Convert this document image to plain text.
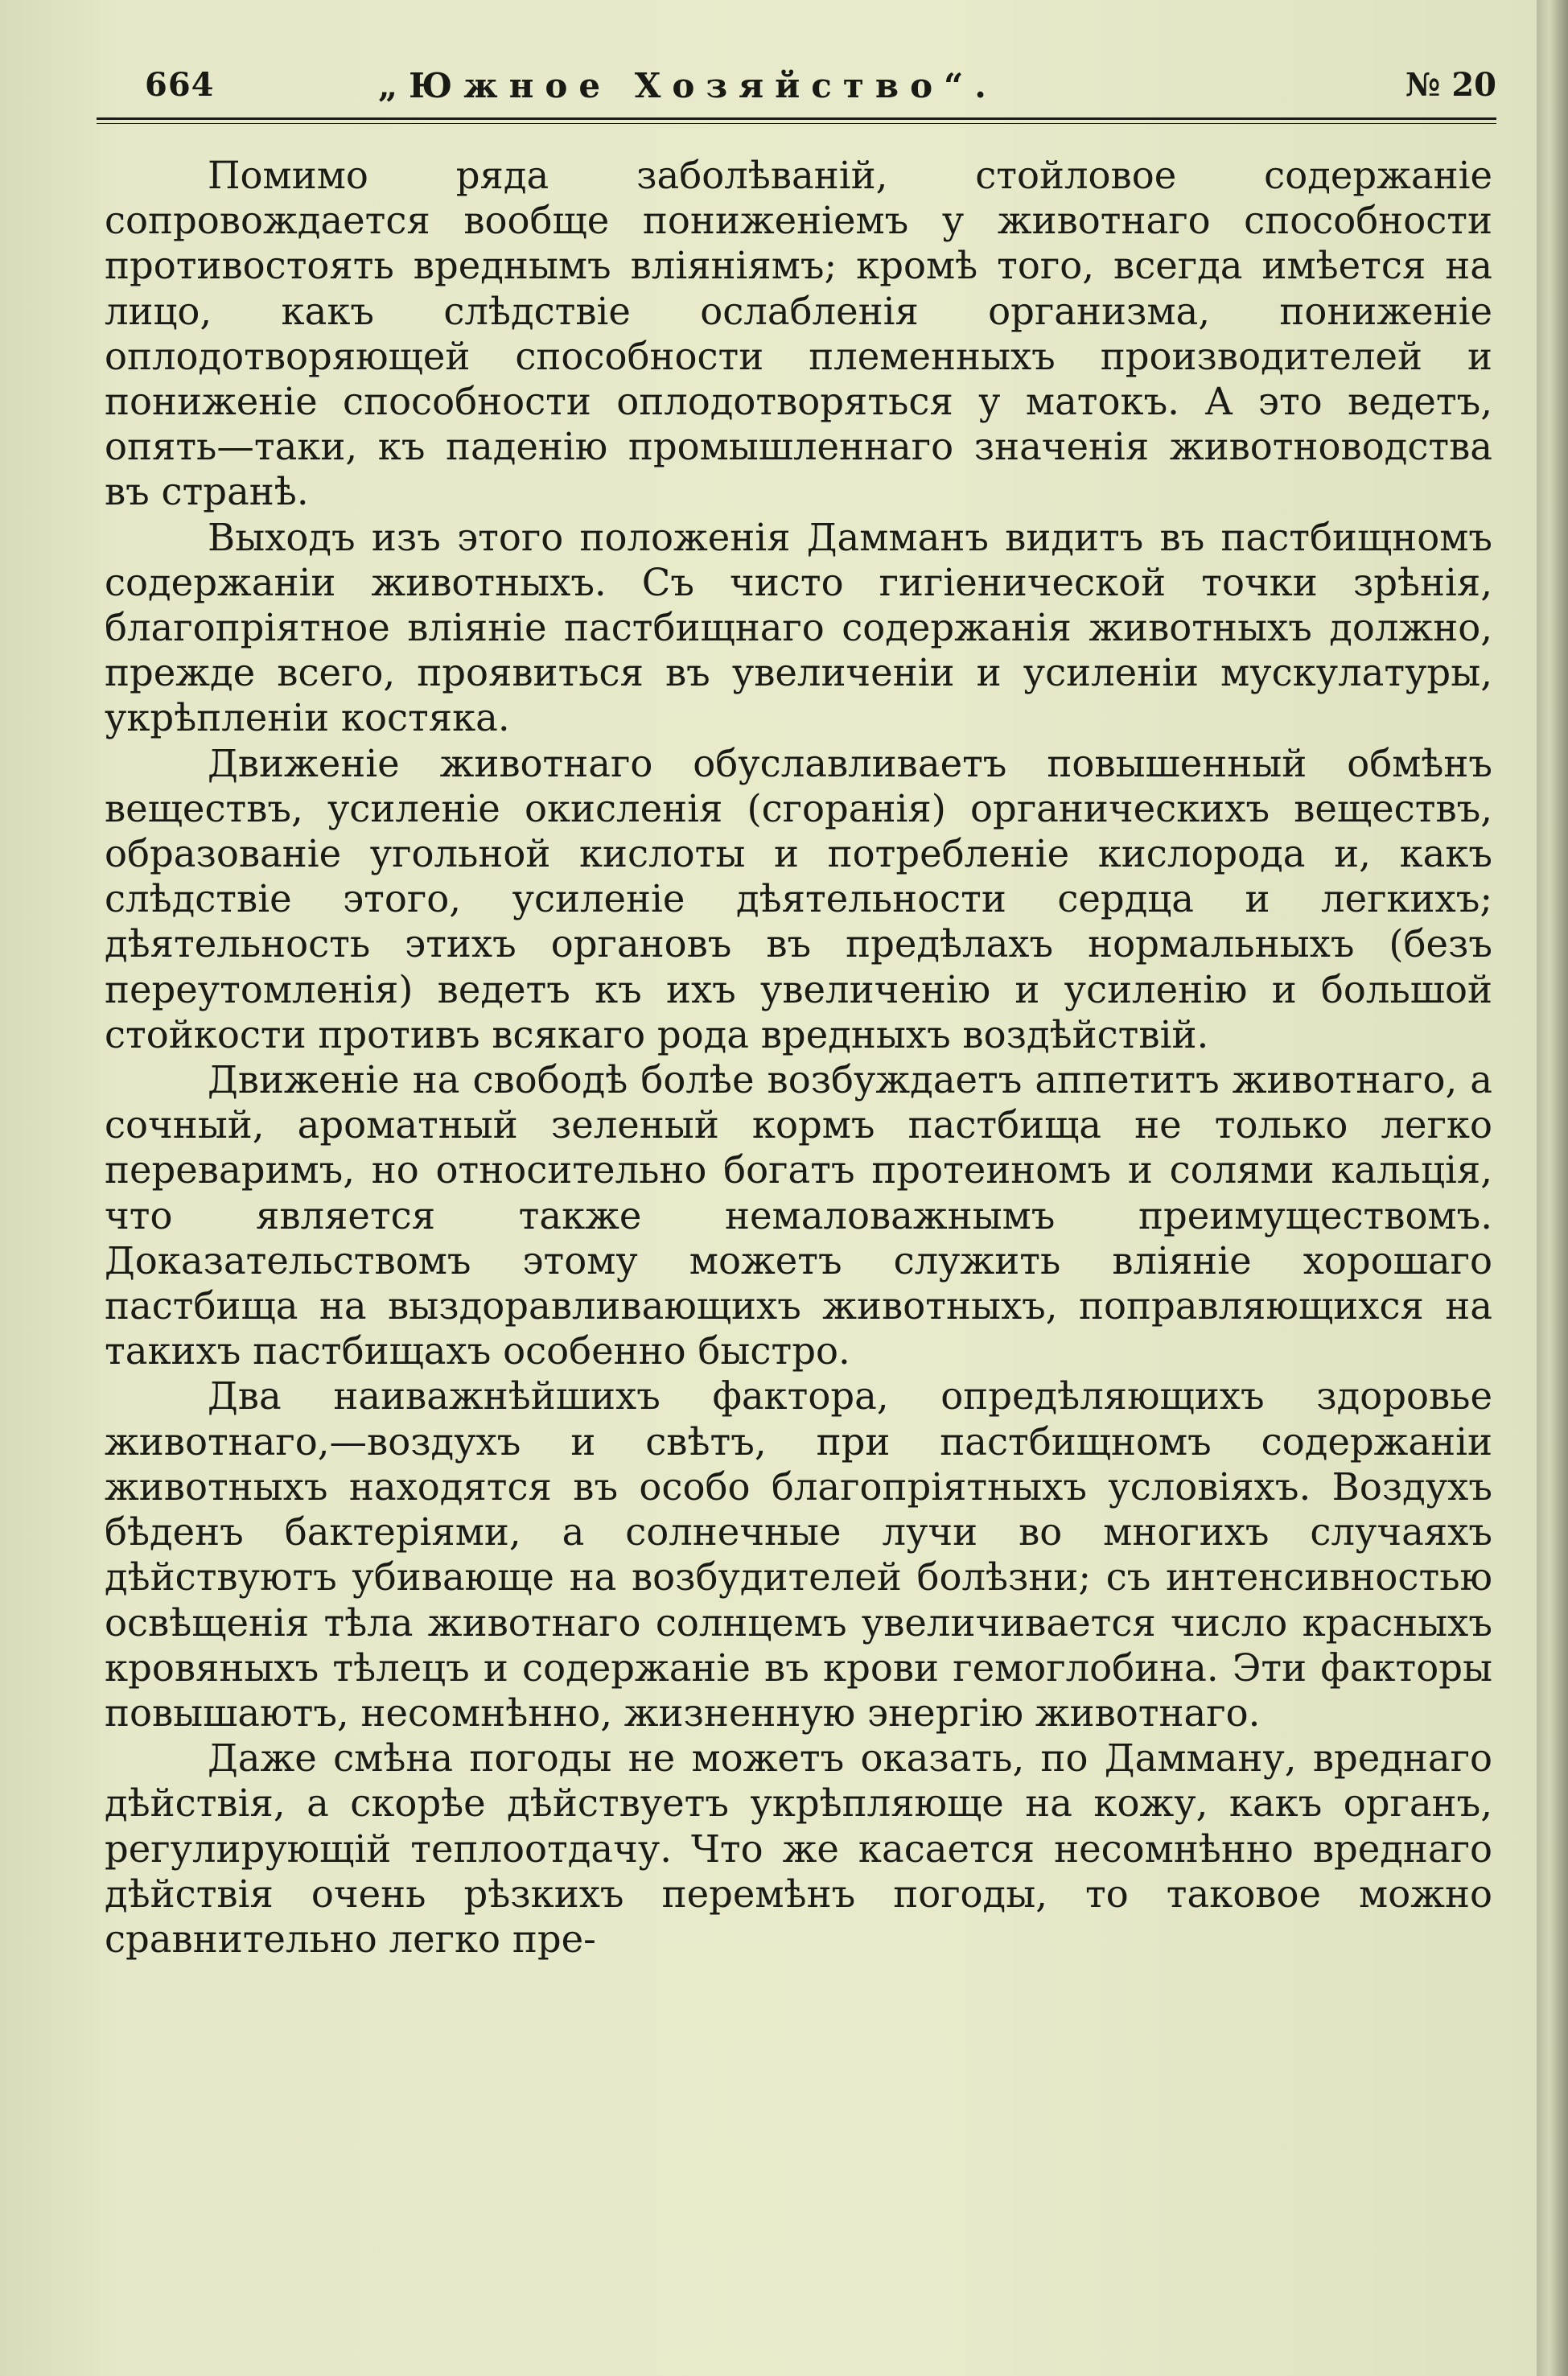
664	„Южное Хозяйство“.	№ 20

Помимо ряда заболѣваній, стойловое содержаніе сопровождается вообще пониженіемъ у животнаго способности противостоять вреднымъ вліяніямъ; кромѣ того, всегда имѣется на лицо, какъ слѣдствіе ослабленія организма, пониженіе оплодотворяющей способности племенныхъ производителей и пониженіе способности оплодотворяться у матокъ. А это ведетъ, опять—таки, къ паденію промышленнаго значенія животноводства въ странѣ.

Выходъ изъ этого положенія Дамманъ видитъ въ пастбищномъ содержаніи животныхъ. Съ чисто гигіенической точки зрѣнія, благопріятное вліяніе пастбищнаго содержанія животныхъ должно, прежде всего, проявиться въ увеличеніи и усиленіи мускулатуры, укрѣпленіи костяка.

Движеніе животнаго обуславливаетъ повышенный обмѣнъ веществъ, усиленіе окисленія (сгоранія) органическихъ веществъ, образованіе угольной кислоты и потребленіе кислорода и, какъ слѣдствіе этого, усиленіе дѣятельности сердца и легкихъ; дѣятельность этихъ органовъ въ предѣлахъ нормальныхъ (безъ переутомленія) ведетъ къ ихъ увеличенію и усиленію и большой стойкости противъ всякаго рода вредныхъ воздѣйствій.

Движеніе на свободѣ болѣе возбуждаетъ аппетитъ животнаго, а сочный, ароматный зеленый кормъ пастбища не только легко переваримъ, но относительно богатъ протеиномъ и солями кальція, что является также немаловажнымъ преимуществомъ. Доказательствомъ этому можетъ служить вліяніе хорошаго пастбища на выздоравливающихъ животныхъ, поправляющихся на такихъ пастбищахъ особенно быстро.

Два наиважнѣйшихъ фактора, опредѣляющихъ здоровье животнаго,—воздухъ и свѣтъ, при пастбищномъ содержаніи животныхъ находятся въ особо благопріятныхъ условіяхъ. Воздухъ бѣденъ бактеріями, а солнечные лучи во многихъ случаяхъ дѣйствуютъ убивающе на возбудителей болѣзни; съ интенсивностью освѣщенія тѣла животнаго солнцемъ увеличивается число красныхъ кровяныхъ тѣлецъ и содержаніе въ крови гемоглобина. Эти факторы повышаютъ, несомнѣнно, жизненную энергію животнаго.

Даже смѣна погоды не можетъ оказать, по Дамману, вреднаго дѣйствія, а скорѣе дѣйствуетъ укрѣпляюще на кожу, какъ органъ, регулирующій теплоотдачу. Что же касается несомнѣнно вреднаго дѣйствія очень рѣзкихъ перемѣнъ погоды, то таковое можно сравнительно легко пре-
